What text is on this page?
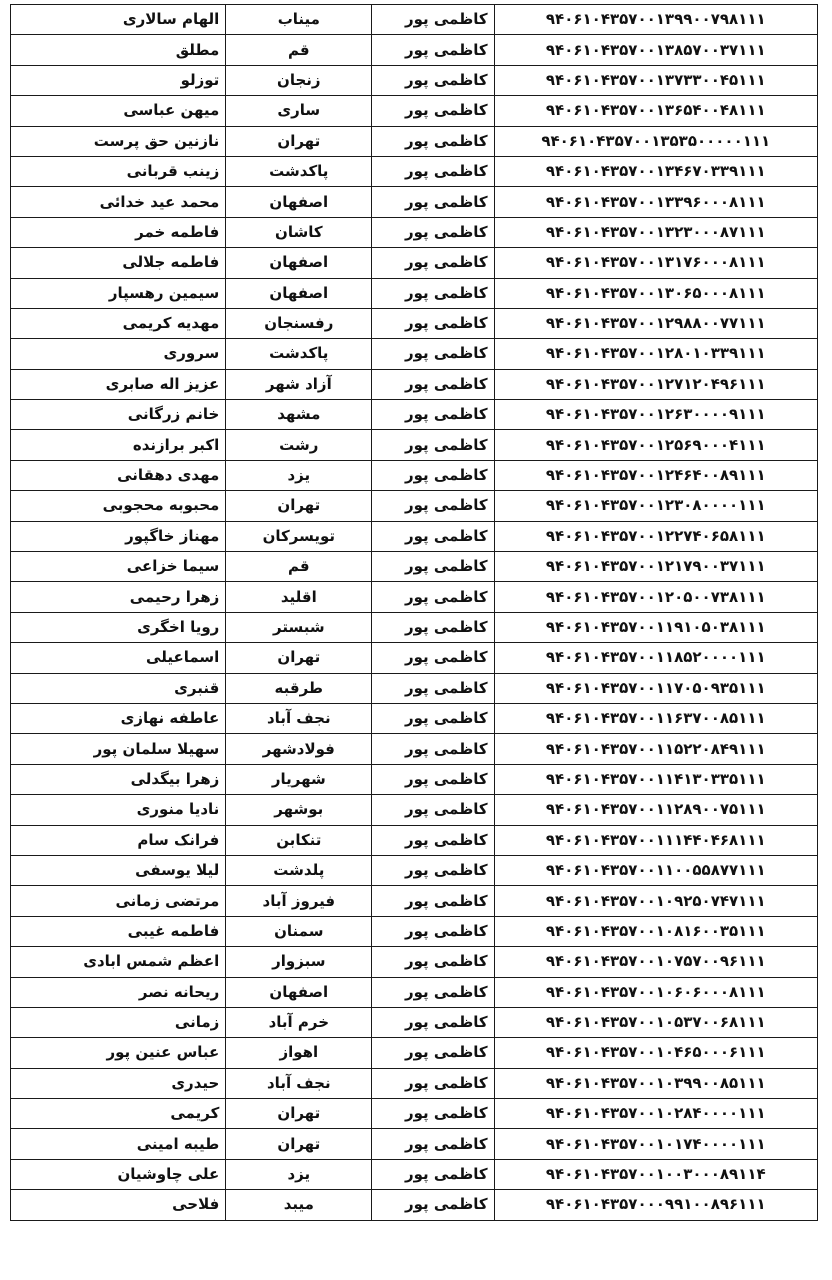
۹۴۰۶۱۰۴۳۵۷۰۰۱۳۹۹۰۰۷۹۸۱۱۱	کاظمی پور	میناب	الهام سالاری
۹۴۰۶۱۰۴۳۵۷۰۰۱۳۸۵۷۰۰۳۷۱۱۱	کاظمی پور	قم	مطلق
۹۴۰۶۱۰۴۳۵۷۰۰۱۳۷۳۳۰۰۴۵۱۱۱	کاظمی پور	زنجان	توزلو
۹۴۰۶۱۰۴۳۵۷۰۰۱۳۶۵۴۰۰۴۸۱۱۱	کاظمی پور	ساری	میهن عباسی
۹۴۰۶۱۰۴۳۵۷۰۰۱۳۵۳۵۰۰۰۰۰۱۱۱	کاظمی پور	تهران	نازنین حق پرست
۹۴۰۶۱۰۴۳۵۷۰۰۱۳۴۶۷۰۳۳۹۱۱۱	کاظمی پور	پاکدشت	زینب قربانی
۹۴۰۶۱۰۴۳۵۷۰۰۱۳۳۹۶۰۰۰۸۱۱۱	کاظمی پور	اصفهان	محمد عید خدائی
۹۴۰۶۱۰۴۳۵۷۰۰۱۳۲۳۰۰۰۸۷۱۱۱	کاظمی پور	کاشان	فاطمه خمر
۹۴۰۶۱۰۴۳۵۷۰۰۱۳۱۷۶۰۰۰۸۱۱۱	کاظمی پور	اصفهان	فاطمه جلالی
۹۴۰۶۱۰۴۳۵۷۰۰۱۳۰۶۵۰۰۰۸۱۱۱	کاظمی پور	اصفهان	سیمین رهسپار
۹۴۰۶۱۰۴۳۵۷۰۰۱۲۹۸۸۰۰۷۷۱۱۱	کاظمی پور	رفسنجان	مهدیه کریمی
۹۴۰۶۱۰۴۳۵۷۰۰۱۲۸۰۱۰۳۳۹۱۱۱	کاظمی پور	پاکدشت	سروری
۹۴۰۶۱۰۴۳۵۷۰۰۱۲۷۱۲۰۴۹۶۱۱۱	کاظمی پور	آزاد شهر	عزیز اله صابری
۹۴۰۶۱۰۴۳۵۷۰۰۱۲۶۳۰۰۰۰۹۱۱۱	کاظمی پور	مشهد	خانم زرگانی
۹۴۰۶۱۰۴۳۵۷۰۰۱۲۵۶۹۰۰۰۴۱۱۱	کاظمی پور	رشت	اکبر برازنده
۹۴۰۶۱۰۴۳۵۷۰۰۱۲۴۶۴۰۰۸۹۱۱۱	کاظمی پور	یزد	مهدی دهقانی
۹۴۰۶۱۰۴۳۵۷۰۰۱۲۳۰۸۰۰۰۰۱۱۱	کاظمی پور	تهران	محبوبه محجوبی
۹۴۰۶۱۰۴۳۵۷۰۰۱۲۲۷۴۰۶۵۸۱۱۱	کاظمی پور	تویسرکان	مهناز خاگپور
۹۴۰۶۱۰۴۳۵۷۰۰۱۲۱۷۹۰۰۳۷۱۱۱	کاظمی پور	قم	سیما خزاعی
۹۴۰۶۱۰۴۳۵۷۰۰۱۲۰۵۰۰۷۳۸۱۱۱	کاظمی پور	اقلید	زهرا رحیمی
۹۴۰۶۱۰۴۳۵۷۰۰۱۱۹۱۰۵۰۳۸۱۱۱	کاظمی پور	شبستر	رویا اخگری
۹۴۰۶۱۰۴۳۵۷۰۰۱۱۸۵۲۰۰۰۰۱۱۱	کاظمی پور	تهران	اسماعیلی
۹۴۰۶۱۰۴۳۵۷۰۰۱۱۷۰۵۰۹۳۵۱۱۱	کاظمی پور	طرقبه	قنبری
۹۴۰۶۱۰۴۳۵۷۰۰۱۱۶۳۷۰۰۸۵۱۱۱	کاظمی پور	نجف آباد	عاطفه نهازی
۹۴۰۶۱۰۴۳۵۷۰۰۱۱۵۲۲۰۸۴۹۱۱۱	کاظمی پور	فولادشهر	سهیلا سلمان پور
۹۴۰۶۱۰۴۳۵۷۰۰۱۱۴۱۳۰۳۳۵۱۱۱	کاظمی پور	شهریار	زهرا بیگدلی
۹۴۰۶۱۰۴۳۵۷۰۰۱۱۲۸۹۰۰۷۵۱۱۱	کاظمی پور	بوشهر	نادیا منوری
۹۴۰۶۱۰۴۳۵۷۰۰۱۱۱۴۴۰۴۶۸۱۱۱	کاظمی پور	تنکابن	فرانک سام
۹۴۰۶۱۰۴۳۵۷۰۰۱۱۰۰۵۵۸۷۷۱۱۱	کاظمی پور	پلدشت	لیلا یوسفی
۹۴۰۶۱۰۴۳۵۷۰۰۱۰۹۲۵۰۷۴۷۱۱۱	کاظمی پور	فیروز آباد	مرتضی زمانی
۹۴۰۶۱۰۴۳۵۷۰۰۱۰۸۱۶۰۰۳۵۱۱۱	کاظمی پور	سمنان	فاطمه غیبی
۹۴۰۶۱۰۴۳۵۷۰۰۱۰۷۵۷۰۰۹۶۱۱۱	کاظمی پور	سبزوار	اعظم شمس ابادی
۹۴۰۶۱۰۴۳۵۷۰۰۱۰۶۰۶۰۰۰۸۱۱۱	کاظمی پور	اصفهان	ریحانه نصر
۹۴۰۶۱۰۴۳۵۷۰۰۱۰۵۳۷۰۰۶۸۱۱۱	کاظمی پور	خرم آباد	زمانی
۹۴۰۶۱۰۴۳۵۷۰۰۱۰۴۶۵۰۰۰۶۱۱۱	کاظمی پور	اهواز	عباس عنین پور
۹۴۰۶۱۰۴۳۵۷۰۰۱۰۳۹۹۰۰۸۵۱۱۱	کاظمی پور	نجف آباد	حیدری
۹۴۰۶۱۰۴۳۵۷۰۰۱۰۲۸۴۰۰۰۰۱۱۱	کاظمی پور	تهران	کریمی
۹۴۰۶۱۰۴۳۵۷۰۰۱۰۱۷۴۰۰۰۰۱۱۱	کاظمی پور	تهران	طیبه امینی
۹۴۰۶۱۰۴۳۵۷۰۰۱۰۰۳۰۰۰۸۹۱۱۴	کاظمی پور	یزد	علی چاوشیان
۹۴۰۶۱۰۴۳۵۷۰۰۰۹۹۱۰۰۸۹۶۱۱۱	کاظمی پور	میبد	فلاحی
